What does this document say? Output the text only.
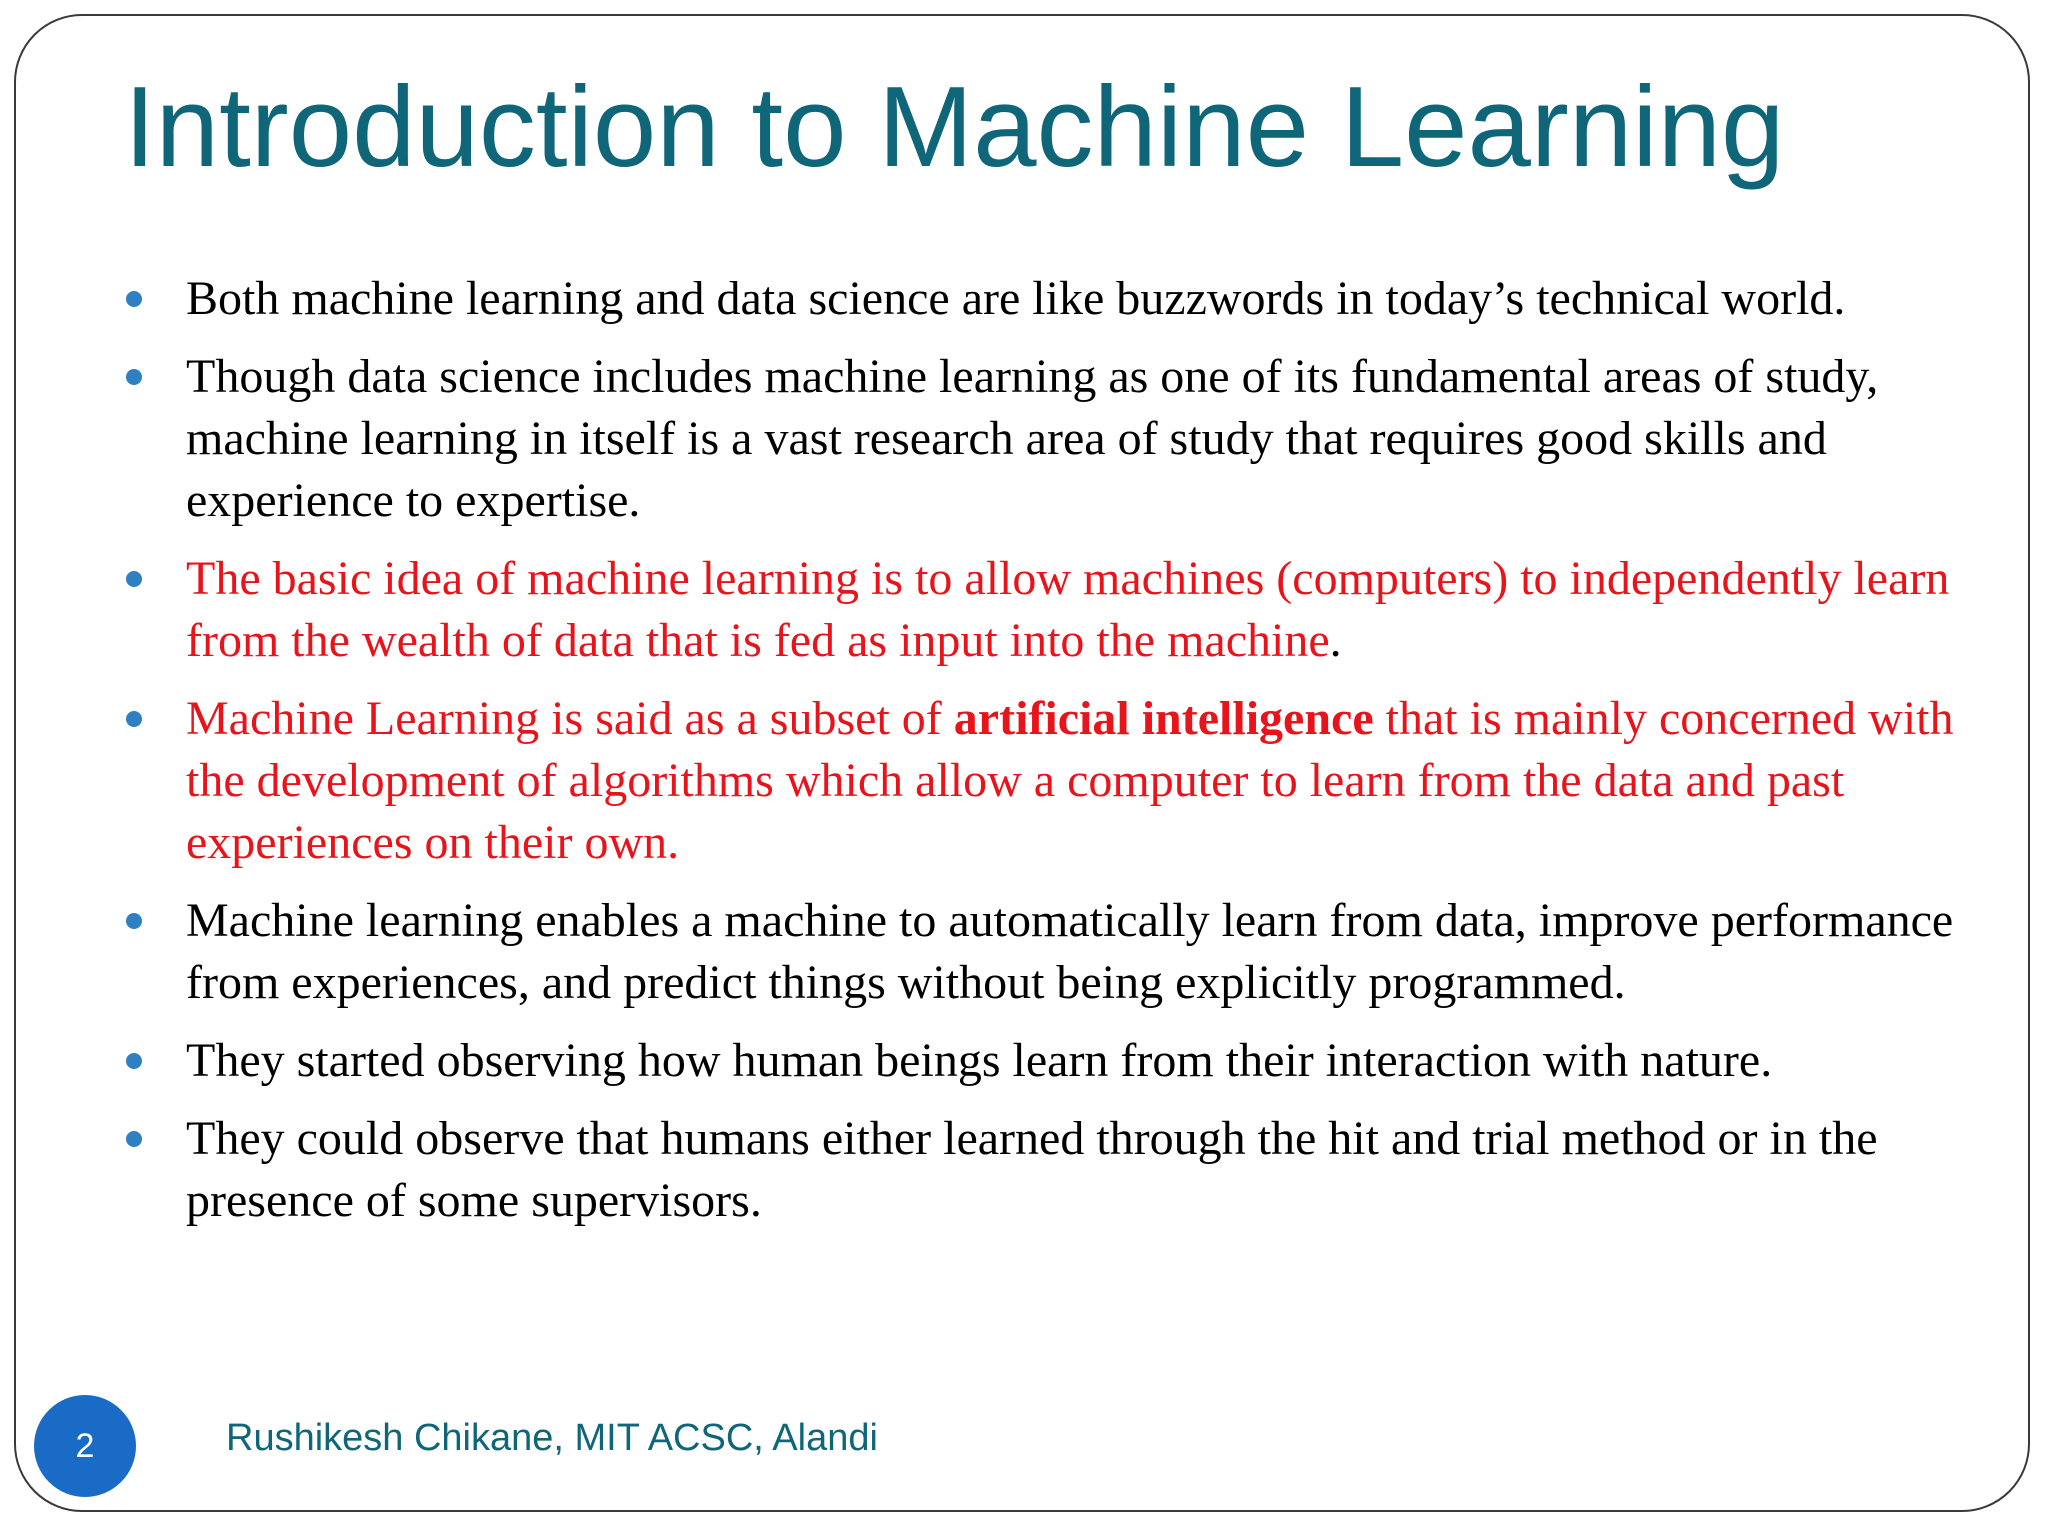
Introduction to Machine Learning
Both machine learning and data science are like buzzwords in today’s technical world.
Though data science includes machine learning as one of its fundamental areas of study, machine learning in itself is a vast research area of study that requires good skills and experience to expertise.
The basic idea of machine learning is to allow machines (computers) to independently learn from the wealth of data that is fed as input into the machine.
Machine Learning is said as a subset of artificial intelligence that is mainly concerned with the development of algorithms which allow a computer to learn from the data and past experiences on their own.
Machine learning enables a machine to automatically learn from data, improve performance from experiences, and predict things without being explicitly programmed.
They started observing how human beings learn from their interaction with nature.
They could observe that humans either learned through the hit and trial method or in the presence of some supervisors.
2	Rushikesh Chikane, MIT ACSC, Alandi
